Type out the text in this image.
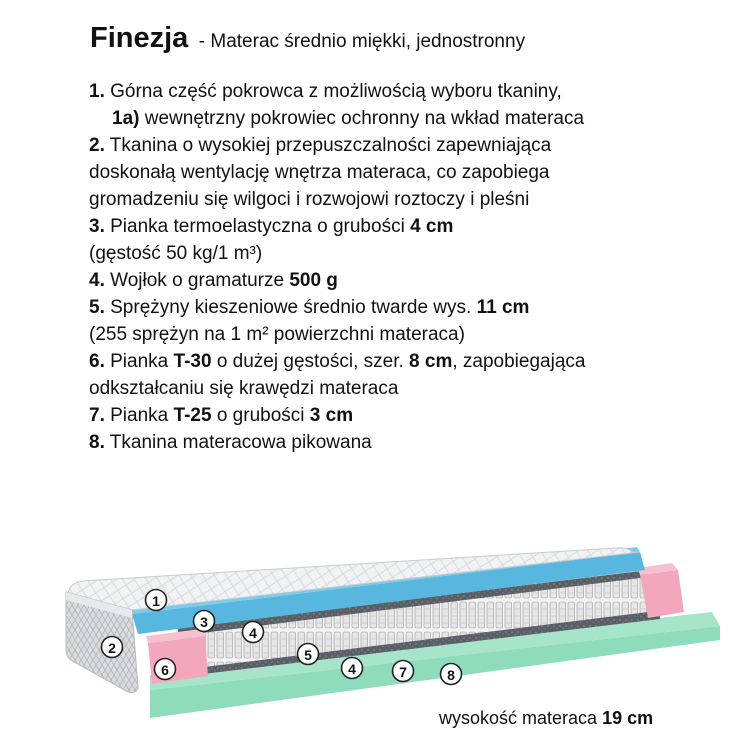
Finezja - Materac średnio miękki, jednostronny
1. Górna część pokrowca z możliwością wyboru tkaniny,
1a) wewnętrzny pokrowiec ochronny na wkład materaca
2. Tkanina o wysokiej przepuszczalności zapewniająca
doskonałą wentylację wnętrza materaca, co zapobiega
gromadzeniu się wilgoci i rozwojowi roztoczy i pleśni
3. Pianka termoelastyczna o grubości 4 cm
(gęstość 50 kg/1 m³)
4. Wojłok o gramaturze 500 g
5. Sprężyny kieszeniowe średnio twarde wys. 11 cm
(255 sprężyn na 1 m² powierzchni materaca)
6. Pianka T-30 o dużej gęstości, szer. 8 cm, zapobiegająca
odkształcaniu się krawędzi materaca
7. Pianka T-25 o grubości 3 cm
8. Tkanina materacowa pikowana
1
2
3
4
5
4	7
6	8
wysokość materaca 19 cm
